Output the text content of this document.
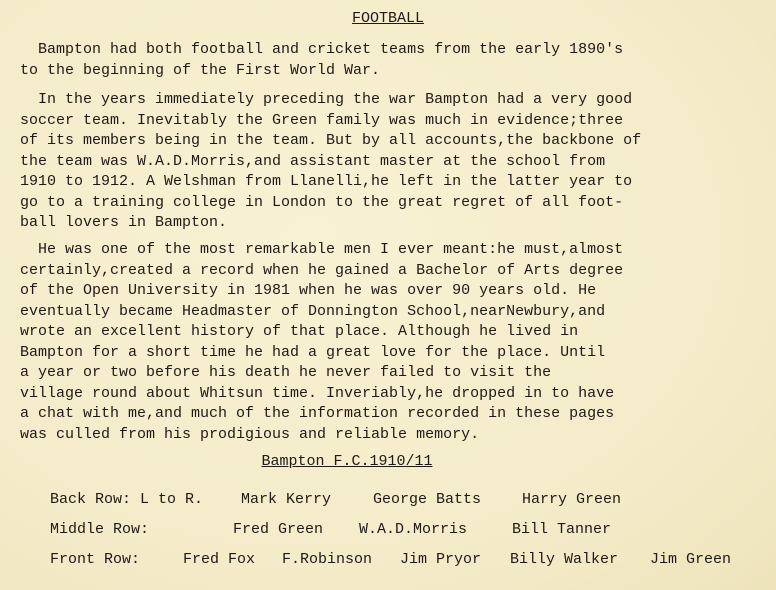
FOOTBALL

Bampton had both football and cricket teams from the early 1890's
to the beginning of the First World War.

In the years immediately preceding the war Bampton had a very good
soccer team. Inevitably the Green family was much in evidence;three
of its members being in the team. But by all accounts,the backbone of
the team was W.A.D.Morris,and assistant master at the school from
1910 to 1912. A Welshman from Llanelli,he left in the latter year to
go to a training college in London to the great regret of all foot-
ball lovers in Bampton.

He was one of the most remarkable men I ever meant:he must,almost
certainly,created a record when he gained a Bachelor of Arts degree
of the Open University in 1981 when he was over 90 years old. He
eventually became Headmaster of Donnington School,nearNewbury,and
wrote an excellent history of that place. Although he lived in
Bampton for a short time he had a great love for the place. Until
a year or two before his death he never failed to visit the
village round about Whitsun time. Inveriably,he dropped in to have
a chat with me,and much of the information recorded in these pages
was culled from his prodigious and reliable memory.

Bampton F.C.1910/11
Back Row: L to R.	Mark Kerry	George Batts	Harry Green
Middle Row:	Fred Green W.A.D.Morris	Bill Tanner
Front Row:	Fred Fox F.Robinson Jim Pryor Billy Walker Jim Green
